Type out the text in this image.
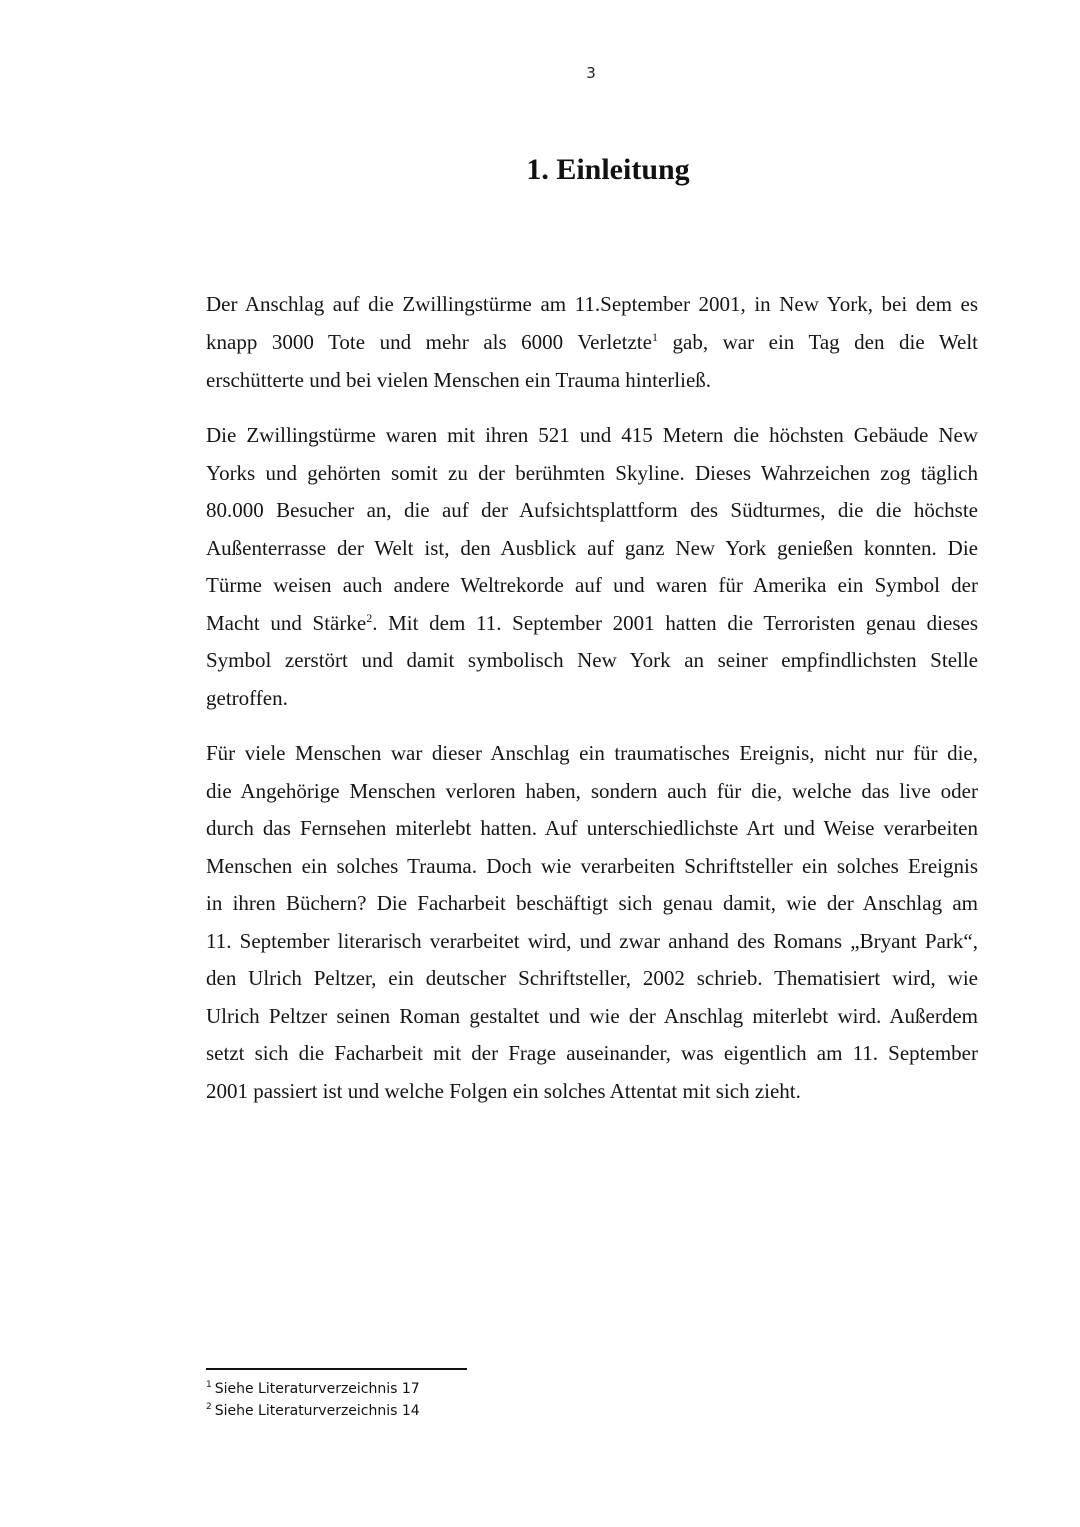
3
1. Einleitung
Der Anschlag auf die Zwillingstürme am 11.September 2001, in New York, bei dem es
knapp 3000 Tote und mehr als 6000 Verletzte$^1$ gab, war ein Tag den die Welt
erschütterte und bei vielen Menschen ein Trauma hinterließ.
Die Zwillingstürme waren mit ihren 521 und 415 Metern die höchsten Gebäude New
Yorks und gehörten somit zu der berühmten Skyline. Dieses Wahrzeichen zog täglich
80.000 Besucher an, die auf der Aufsichtsplattform des Südturmes, die die höchste
Außenterrasse der Welt ist, den Ausblick auf ganz New York genießen konnten. Die
Türme weisen auch andere Weltrekorde auf und waren für Amerika ein Symbol der
Macht und Stärke$^2$. Mit dem 11. September 2001 hatten die Terroristen genau dieses
Symbol zerstört und damit symbolisch New York an seiner empfindlichsten Stelle
getroffen.
Für viele Menschen war dieser Anschlag ein traumatisches Ereignis, nicht nur für die,
die Angehörige Menschen verloren haben, sondern auch für die, welche das live oder
durch das Fernsehen miterlebt hatten. Auf unterschiedlichste Art und Weise verarbeiten
Menschen ein solches Trauma. Doch wie verarbeiten Schriftsteller ein solches Ereignis
in ihren Büchern? Die Facharbeit beschäftigt sich genau damit, wie der Anschlag am
11. September literarisch verarbeitet wird, und zwar anhand des Romans „Bryant Park“,
den Ulrich Peltzer, ein deutscher Schriftsteller, 2002 schrieb. Thematisiert wird, wie
Ulrich Peltzer seinen Roman gestaltet und wie der Anschlag miterlebt wird. Außerdem
setzt sich die Facharbeit mit der Frage auseinander, was eigentlich am 11. September
2001 passiert ist und welche Folgen ein solches Attentat mit sich zieht.
$^1$ Siehe Literaturverzeichnis 17
$^2$ Siehe Literaturverzeichnis 14
